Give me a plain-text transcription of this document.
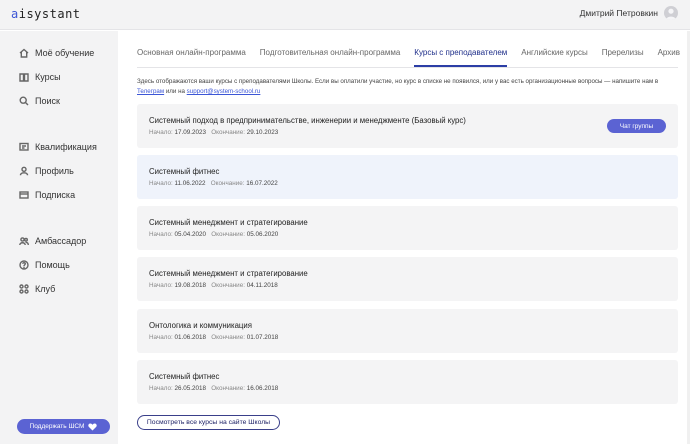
aisystant	Дмитрий Петровкин
Моё обучение
Курсы
Поиск
Квалификация
Профиль
Подписка
Амбассадор
Помощь
Клуб
Поддержать ШСМ
Основная онлайн-программа	Подготовительная онлайн-программа	Курсы с преподавателем	Английские курсы	Пререлизы	Архив
Здесь отображаются ваши курсы с преподавателями Школы. Если вы оплатили участие, но курс в списке не появился, или у вас есть организационные вопросы — напишите нам в Телеграм или на support@system-school.ru
Системный подход в предпринимательстве, инженерии и менеджменте (Базовый курс)
Начало: 17.09.2023 Окончание: 29.10.2023
Чат группы
Системный фитнес
Начало: 11.06.2022 Окончание: 16.07.2022
Системный менеджмент и стратегирование
Начало: 05.04.2020 Окончание: 05.06.2020
Системный менеджмент и стратегирование
Начало: 19.08.2018 Окончание: 04.11.2018
Онтологика и коммуникация
Начало: 01.06.2018 Окончание: 01.07.2018
Системный фитнес
Начало: 26.05.2018 Окончание: 16.06.2018
Посмотреть все курсы на сайте Школы
